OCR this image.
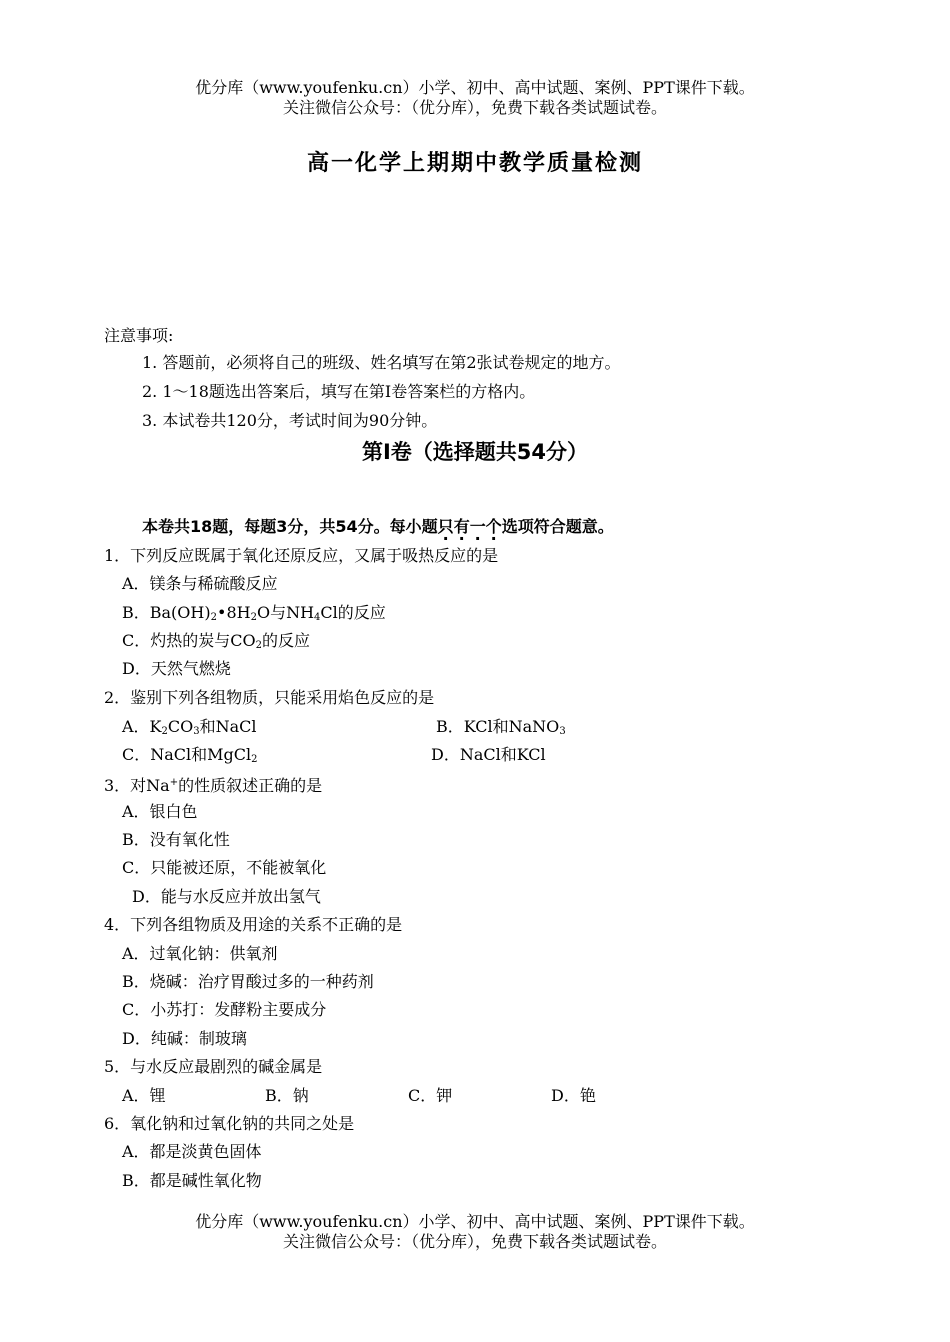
优分库（www.youfenku.cn）小学、初中、高中试题、案例、PPT课件下载。
关注微信公众号：（优分库），免费下载各类试题试卷。
高一化学上期期中教学质量检测
注意事项:
1. 答题前，必须将自己的班级、姓名填写在第2张试卷规定的地方。
2. 1～18题选出答案后，填写在第Ⅰ卷答案栏的方格内。
3. 本试卷共120分，考试时间为90分钟。
第Ⅰ卷（选择题共54分）
本卷共18题，每题3分，共54分。每小题只有一个选项符合题意。
1．下列反应既属于氧化还原反应，又属于吸热反应的是
A．镁条与稀硫酸反应
B．$Ba(OH)_2•8H_2O$与$NH_4Cl$的反应
C．灼热的炭与$CO_2$的反应
D．天然气燃烧
2．鉴别下列各组物质，只能采用焰色反应的是
A．$K_2CO_3$和NaCl	B．KCl和NaNO$_3$
C．NaCl和MgCl$_2$	D．NaCl和KCl
3．对Na+的性质叙述正确的是
A．银白色
B．没有氧化性
C．只能被还原，不能被氧化
D．能与水反应并放出氢气
4．下列各组物质及用途的关系不正确的是
A．过氧化钠：供氧剂
B．烧碱：治疗胃酸过多的一种药剂
C．小苏打：发酵粉主要成分
D．纯碱：制玻璃
5．与水反应最剧烈的碱金属是
A．锂	B．钠	C．钾	D．铯
6．氧化钠和过氧化钠的共同之处是
A．都是淡黄色固体
B．都是碱性氧化物
优分库（www.youfenku.cn）小学、初中、高中试题、案例、PPT课件下载。
关注微信公众号：（优分库），免费下载各类试题试卷。
